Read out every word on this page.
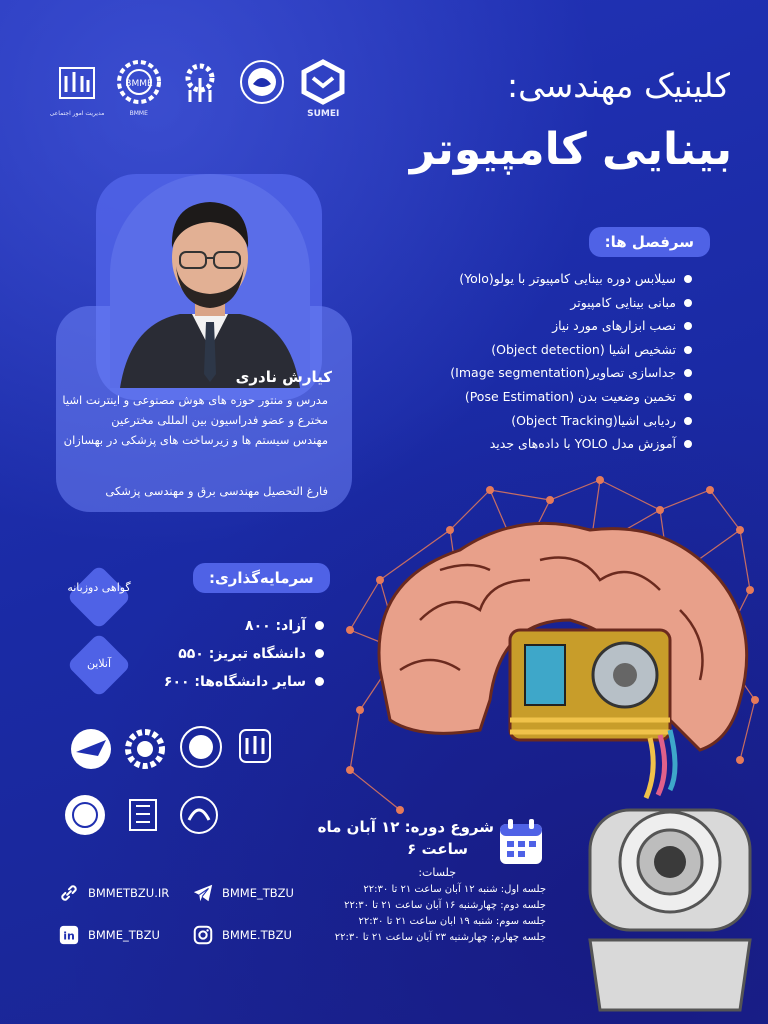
مدیریت امور اجتماعی
BMME
BMME	SUMEI
کلینیک مهندسی:
بینایی کامپیوتر
کیارش نادری
مدرس و منتور حوزه های هوش مصنوعی و اینترنت اشیا
مخترع و عضو فدراسیون بین المللی مخترعین
مهندس سیستم ها و زیرساخت های پزشکی در بهسازان
فارغ التحصیل مهندسی برق و مهندسی پزشکی
سرفصل ها:
سیلابس دوره بینایی کامپیوتر با یولو(Yolo)
مبانی بینایی کامپیوتر
نصب ابزارهای مورد نیاز
تشخیص اشیا (Object detection)
جداسازی تصاویر(Image segmentation)
تخمین وضعیت بدن (Pose Estimation)
ردیابی اشیا(Object Tracking)
آموزش مدل YOLO با داده‌های جدید
گواهی دوزبانه
آنلاین
سرمایه‌گذاری:
آزاد: ۸۰۰
دانشگاه تبریز: ۵۵۰
سایر دانشگاه‌ها: ۶۰۰
شروع دوره: ۱۲ آبان ماه
ساعت ۶
جلسات:
جلسه اول: شنبه ۱۲ آبان ساعت ۲۱ تا ۲۲:۳۰
جلسه دوم: چهارشنبه ۱۶ آبان ساعت ۲۱ تا ۲۲:۳۰
جلسه سوم: شنبه ۱۹ ابان ساعت ۲۱ تا ۲۲:۳۰
جلسه چهارم: چهارشنبه ۲۳ آبان ساعت ۲۱ تا ۲۲:۳۰
BMMETBZU.IR	BMME_TBZU
in BMME_TBZU	BMME.TBZU
